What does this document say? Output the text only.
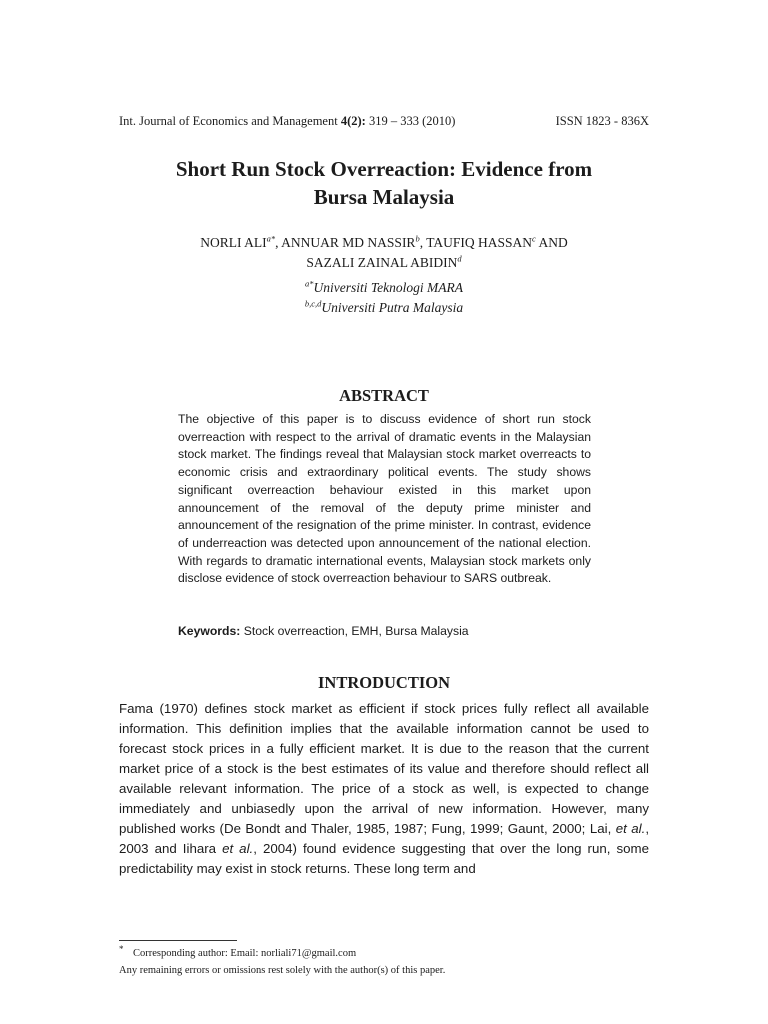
Int. Journal of Economics and Management 4(2): 319 – 333 (2010)	ISSN 1823 - 836X
Short Run Stock Overreaction: Evidence from
Bursa Malaysia
NORLI $ALI^{a*}$, ANNUAR MD NASSIR$^b$, TAUFIQ HASSAN$^c$ AND
SAZALI ZAINAL ABIDIN$^d$
$^{a*}$Universiti Teknologi MARA
$^{b,c,d}$Universiti Putra Malaysia
ABSTRACT
The objective of this paper is to discuss evidence of short run stock overreaction with respect to the arrival of dramatic events in the Malaysian stock market. The findings reveal that Malaysian stock market overreacts to economic crisis and extraordinary political events. The study shows significant overreaction behaviour existed in this market upon announcement of the removal of the deputy prime minister and announcement of the resignation of the prime minister. In contrast, evidence of underreaction was detected upon announcement of the national election. With regards to dramatic international events, Malaysian stock markets only disclose evidence of stock overreaction behaviour to SARS outbreak.
Keywords: Stock overreaction, EMH, Bursa Malaysia
INTRODUCTION
Fama (1970) defines stock market as efficient if stock prices fully reflect all available information. This definition implies that the available information cannot be used to forecast stock prices in a fully efficient market. It is due to the reason that the current market price of a stock is the best estimates of its value and therefore should reflect all available relevant information. The price of a stock as well, is expected to change immediately and unbiasedly upon the arrival of new information. However, many published works (De Bondt and Thaler, 1985, 1987; Fung, 1999; Gaunt, 2000; Lai, et al., 2003 and Iihara et al., 2004) found evidence suggesting that over the long run, some predictability may exist in stock returns. These long term and
* Corresponding author: Email: norliali71@gmail.com
Any remaining errors or omissions rest solely with the author(s) of this paper.
